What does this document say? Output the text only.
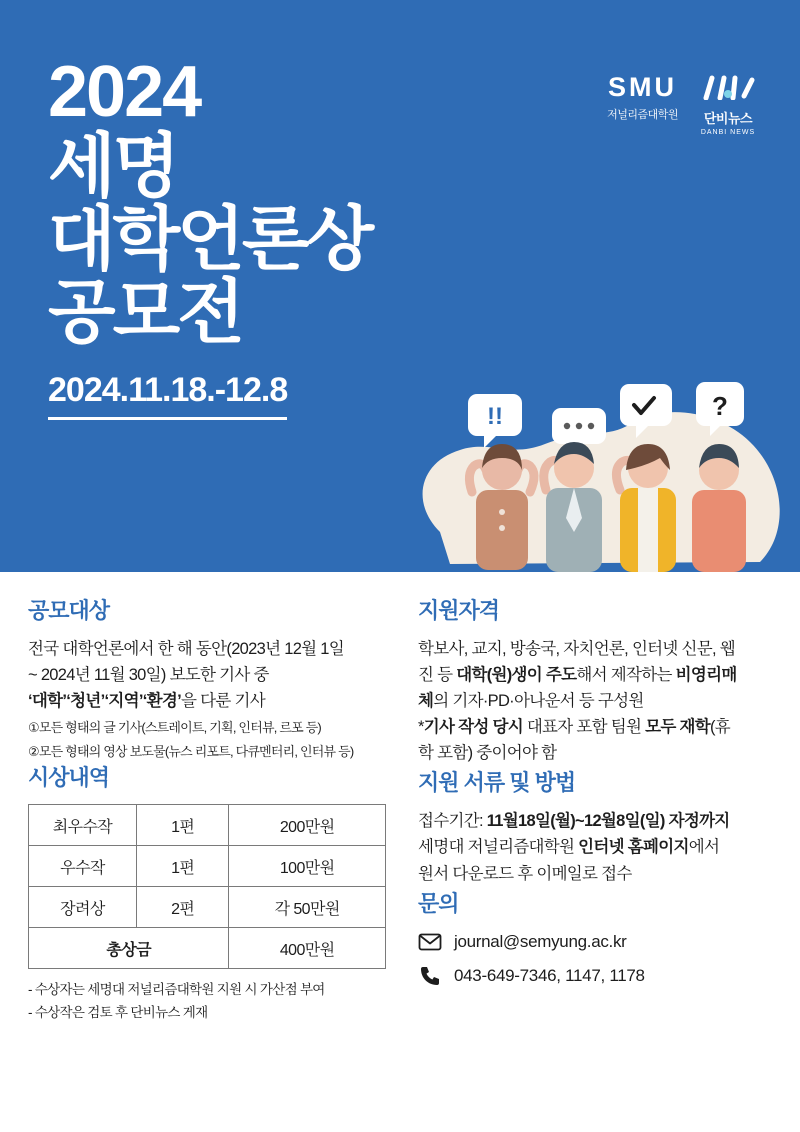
SMU
저널리즘대학원 단비뉴스
DANBI NEWS
2024
세명
대학언론상
공모전
2024.11.18.-12.8
!!	?
공모대상

전국 대학언론에서 한 해 동안(2023년 12월 1일

~ 2024년 11월 30일) 보도한 기사 중

‘대학’‘청년’‘지역’‘환경’을 다룬 기사

①모든 형태의 글 기사(스트레이트, 기획, 인터뷰, 르포 등)

②모든 형태의 영상 보도물(뉴스 리포트, 다큐멘터리, 인터뷰 등)

시상내역
최우수작	1편	200만원
우수작	1편	100만원
장려상	2편	각 50만원
총상금		400만원
- 수상자는 세명대 저널리즘대학원 지원 시 가산점 부여
- 수상작은 검토 후 단비뉴스 게재
지원자격

학보사, 교지, 방송국, 자치언론, 인터넷 신문, 웹

진 등 대학(원)생이 주도해서 제작하는 비영리매

체의 기자·PD·아나운서 등 구성원

*기사 작성 당시 대표자 포함 팀원 모두 재학(휴

학 포함) 중이어야 함

지원 서류 및 방법

접수기간: 11월18일(월)~12월8일(일) 자정까지

세명대 저널리즘대학원 인터넷 홈페이지에서

원서 다운로드 후 이메일로 접수

문의
journal@semyung.ac.kr
043-649-7346, 1147, 1178
